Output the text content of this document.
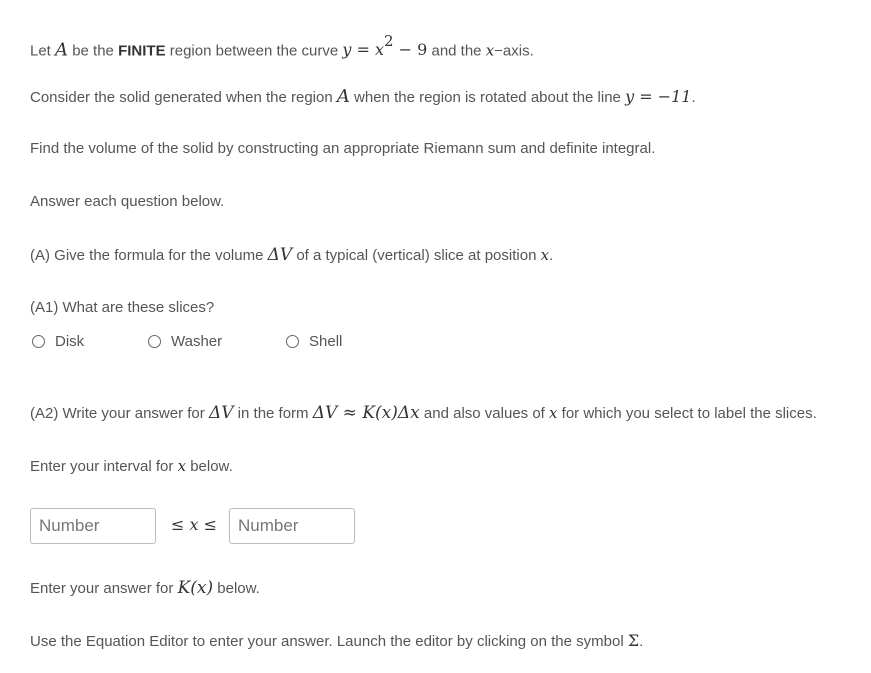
Let A be the FINITE region between the curve $y = x^2 - 9$ and the x−axis.
Consider the solid generated when the region A when the region is rotated about the line y = −11.
Find the volume of the solid by constructing an appropriate Riemann sum and definite integral.
Answer each question below.
(A) Give the formula for the volume ΔV of a typical (vertical) slice at position x.
(A1) What are these slices?
Disk	Washer	Shell
(A2) Write your answer for ΔV in the form ΔV ≈ K(x)Δx and also values of x for which you select to label the slices.
Enter your interval for x below.
Number
≤ x ≤
Number
Enter your answer for K(x) below.
Use the Equation Editor to enter your answer. Launch the editor by clicking on the symbol Σ.
